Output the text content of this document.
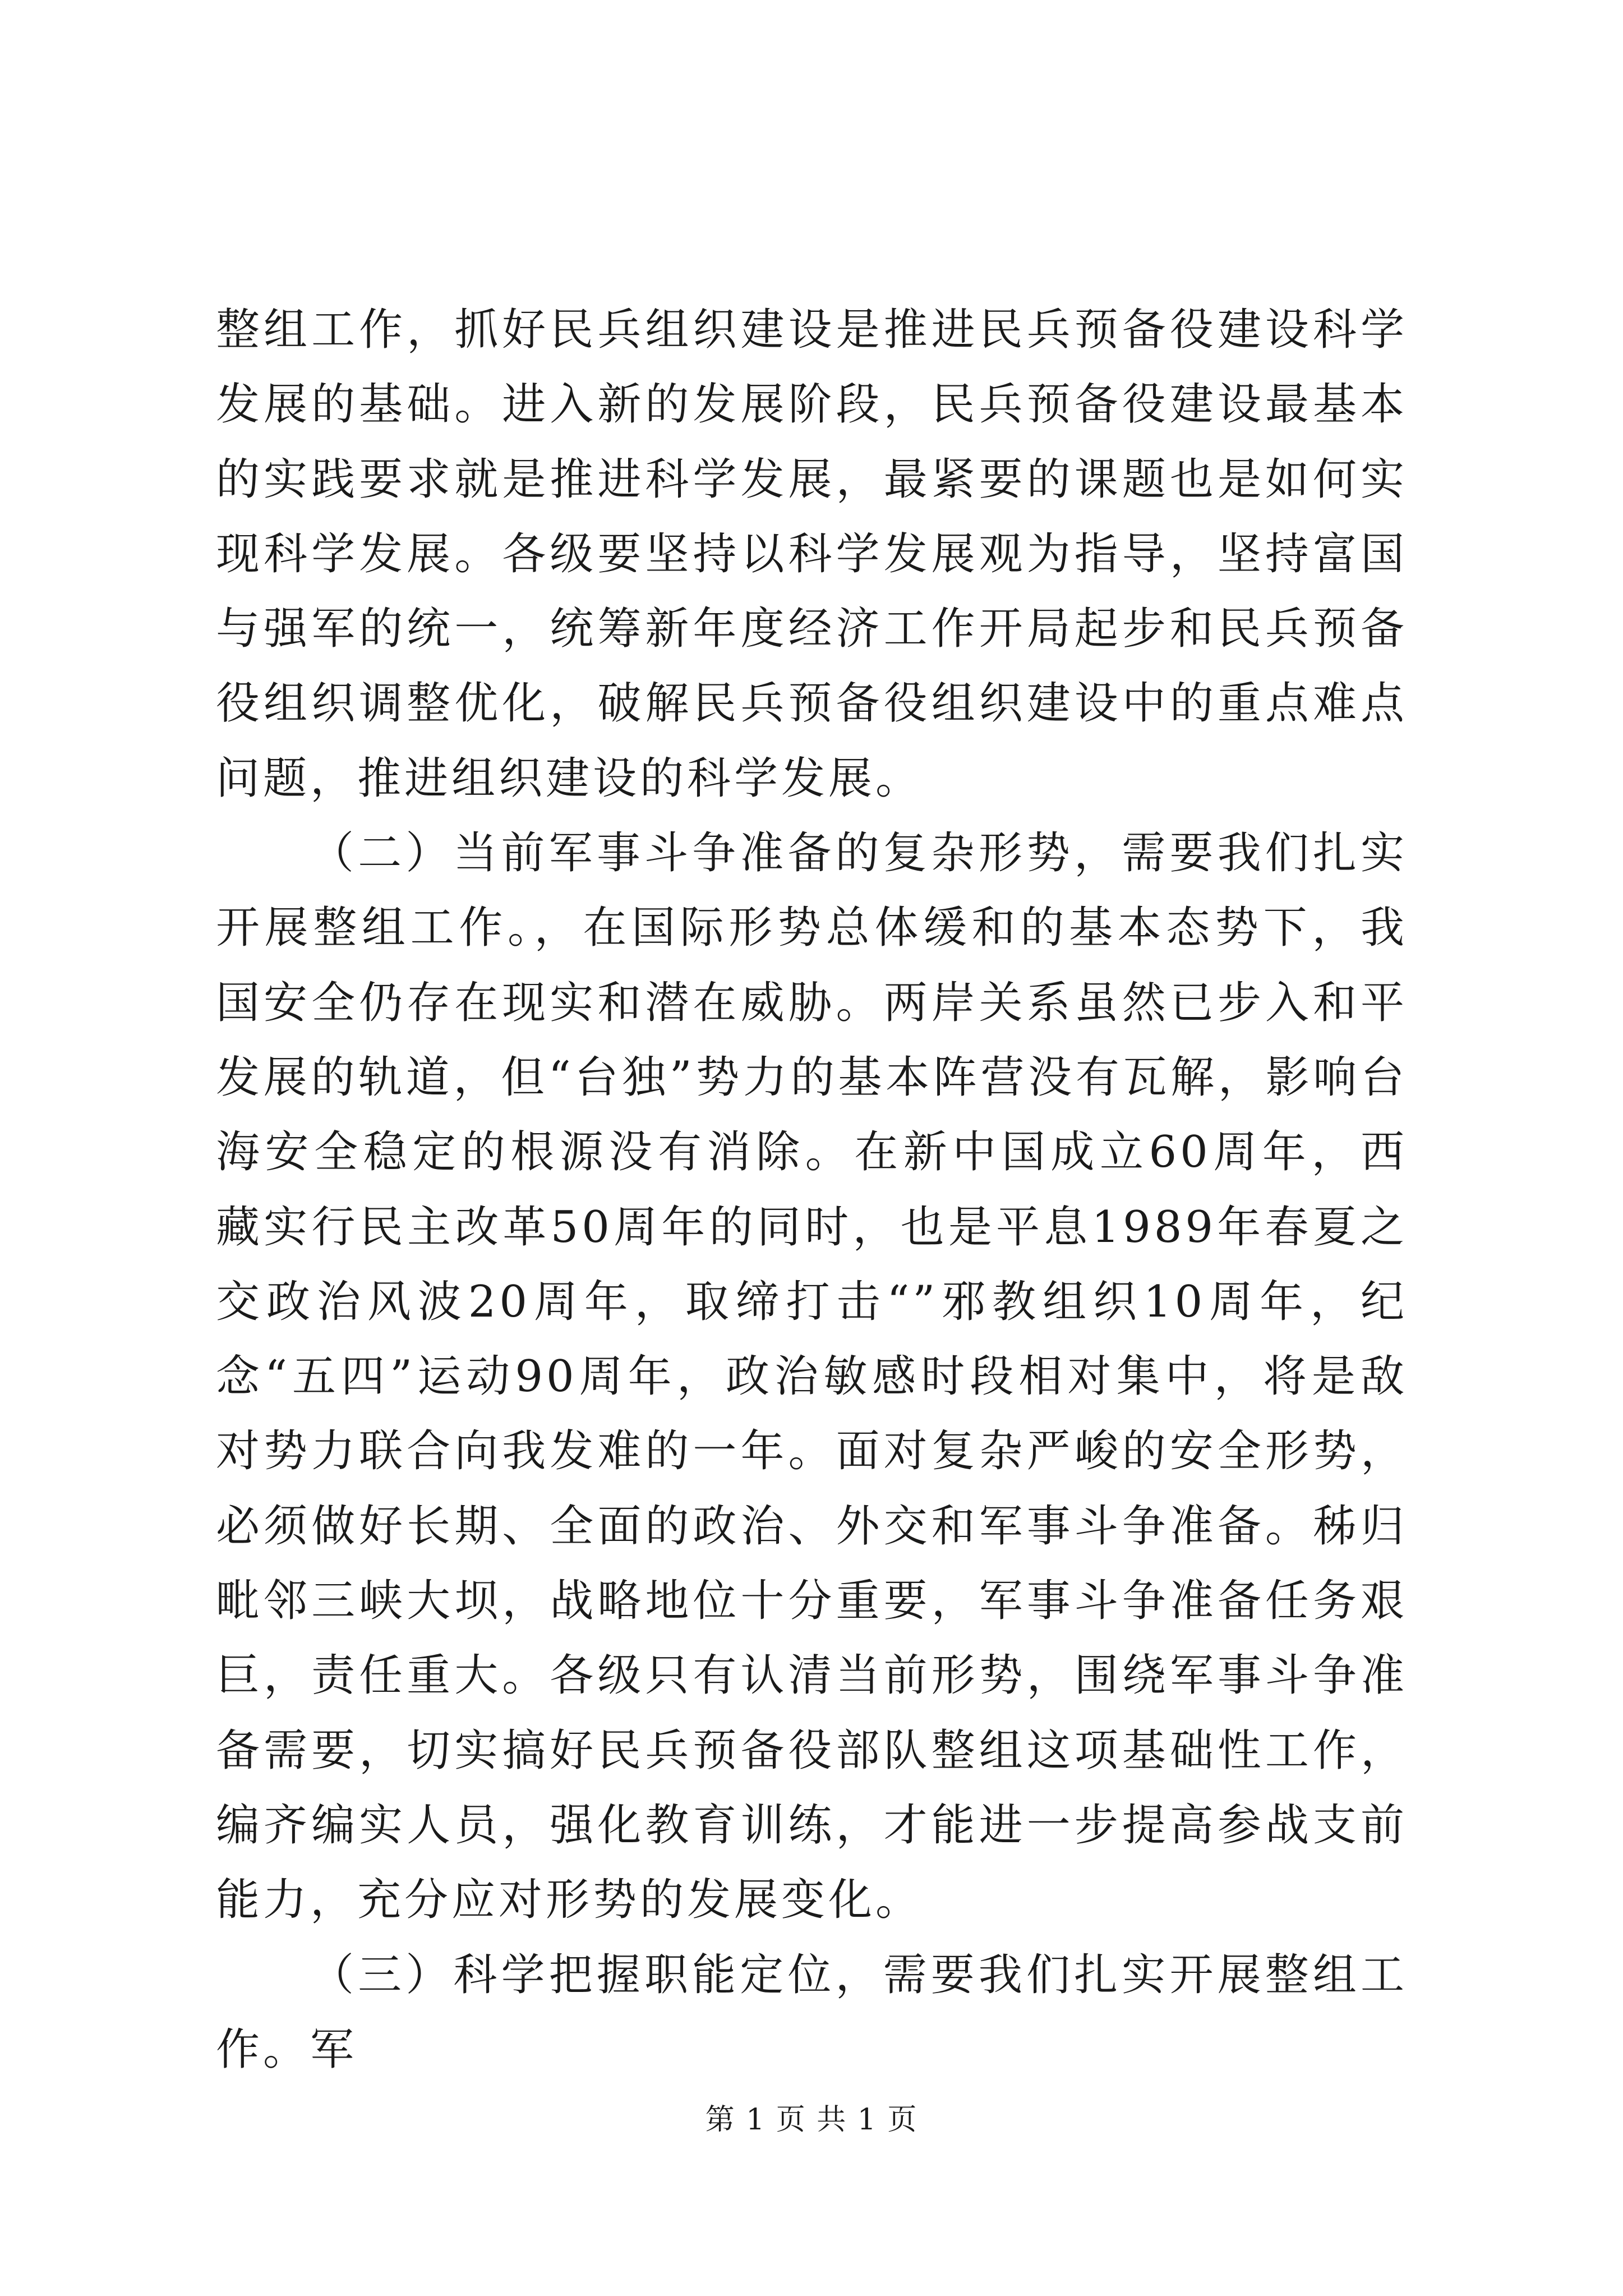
整组工作，抓好民兵组织建设是推进民兵预备役建设科学发展的基础。进入新的发展阶段，民兵预备役建设最基本的实践要求就是推进科学发展，最紧要的课题也是如何实现科学发展。各级要坚持以科学发展观为指导，坚持富国与强军的统一，统筹新年度经济工作开局起步和民兵预备役组织调整优化，破解民兵预备役组织建设中的重点难点问题，推进组织建设的科学发展。

（二）当前军事斗争准备的复杂形势，需要我们扎实开展整组工作。，在国际形势总体缓和的基本态势下，我国安全仍存在现实和潜在威胁。两岸关系虽然已步入和平发展的轨道，但“台独”势力的基本阵营没有瓦解，影响台海安全稳定的根源没有消除。在新中国成立60周年，西藏实行民主改革50周年的同时，也是平息1989年春夏之交政治风波20周年，取缔打击“”邪教组织10周年，纪念“五四”运动90周年，政治敏感时段相对集中，将是敌对势力联合向我发难的一年。面对复杂严峻的安全形势，必须做好长期、全面的政治、外交和军事斗争准备。秭归毗邻三峡大坝，战略地位十分重要，军事斗争准备任务艰巨，责任重大。各级只有认清当前形势，围绕军事斗争准备需要，切实搞好民兵预备役部队整组这项基础性工作，编齐编实人员，强化教育训练，才能进一步提高参战支前能力，充分应对形势的发展变化。

（三）科学把握职能定位，需要我们扎实开展整组工作。军

第 1 页 共 1 页
